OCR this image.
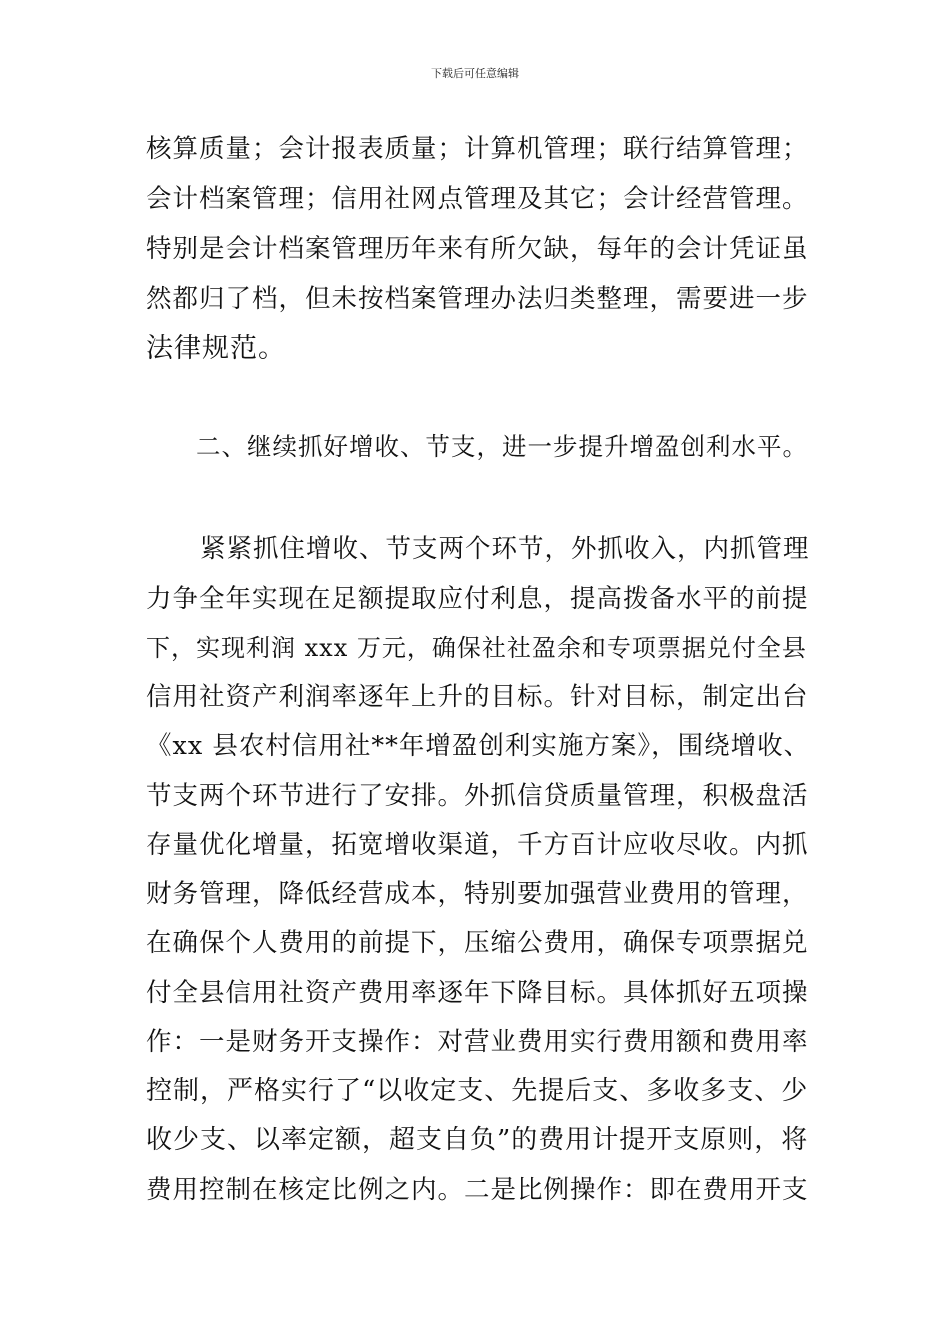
下载后可任意编辑
核算质量；会计报表质量；计算机管理；联行结算管理；
会计档案管理；信用社网点管理及其它；会计经营管理。
特别是会计档案管理历年来有所欠缺，每年的会计凭证虽
然都归了档，但未按档案管理办法归类整理，需要进一步
法律规范。
二、继续抓好增收、节支，进一步提升增盈创利水平。
紧紧抓住增收、节支两个环节，外抓收入，内抓管理
力争全年实现在足额提取应付利息，提高拨备水平的前提
下，实现利润 xxx 万元，确保社社盈余和专项票据兑付全县
信用社资产利润率逐年上升的目标。针对目标，制定出台
《xx 县农村信用社**年增盈创利实施方案》，围绕增收、
节支两个环节进行了安排。外抓信贷质量管理，积极盘活
存量优化增量，拓宽增收渠道，千方百计应收尽收。内抓
财务管理，降低经营成本，特别要加强营业费用的管理，
在确保个人费用的前提下，压缩公费用，确保专项票据兑
付全县信用社资产费用率逐年下降目标。具体抓好五项操
作：一是财务开支操作：对营业费用实行费用额和费用率
控制，严格实行了“以收定支、先提后支、多收多支、少
收少支、以率定额，超支自负”的费用计提开支原则，将
费用控制在核定比例之内。二是比例操作：即在费用开支
